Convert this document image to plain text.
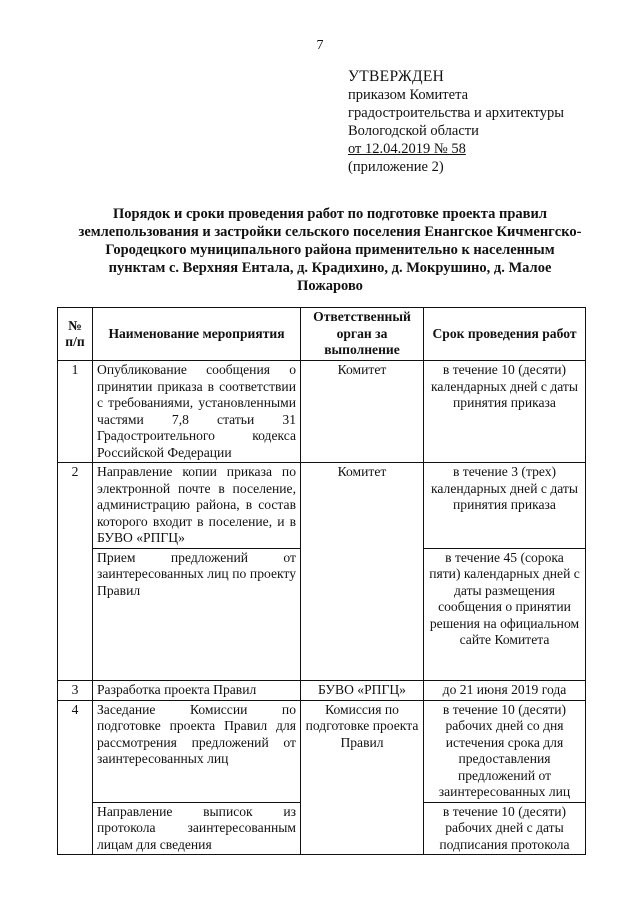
7
УТВЕРЖДЕН
приказом Комитета
градостроительства и архитектуры
Вологодской области
от 12.04.2019 № 58
(приложение 2)
Порядок и сроки проведения работ по подготовке проекта правил
землепользования и застройки сельского поселения Енангское Кичменгско-
Городецкого муниципального района применительно к населенным
пунктам с. Верхняя Ентала, д. Крадихино, д. Мокрушино, д. Малое
Пожарово
№ п/п	Наименование мероприятия	Ответственный орган за выполнение	Срок проведения работ
1	Опубликование сообщения о принятии приказа в соответствии с требованиями, установленными частями 7,8 статьи 31 Градостроительного кодекса Российской Федерации	Комитет	в течение 10 (десяти) календарных дней с даты принятия приказа
2	Направление копии приказа по электронной почте в поселение, администрацию района, в состав которого входит в поселение, и в БУВО «РПГЦ»	Комитет	в течение 3 (трех) календарных дней с даты принятия приказа
	Прием предложений от заинтересованных лиц по проекту Правил		в течение 45 (сорока пяти) календарных дней с даты размещения сообщения о принятии решения на официальном сайте Комитета
3	Разработка проекта Правил	БУВО «РПГЦ»	до 21 июня 2019 года
4	Заседание Комиссии по подготовке проекта Правил для рассмотрения предложений от заинтересованных лиц	Комиссия по подготовке проекта Правил	в течение 10 (десяти) рабочих дней со дня истечения срока для предоставления предложений от заинтересованных лиц
	Направление выписок из протокола заинтересованным лицам для сведения		в течение 10 (десяти) рабочих дней с даты подписания протокола
